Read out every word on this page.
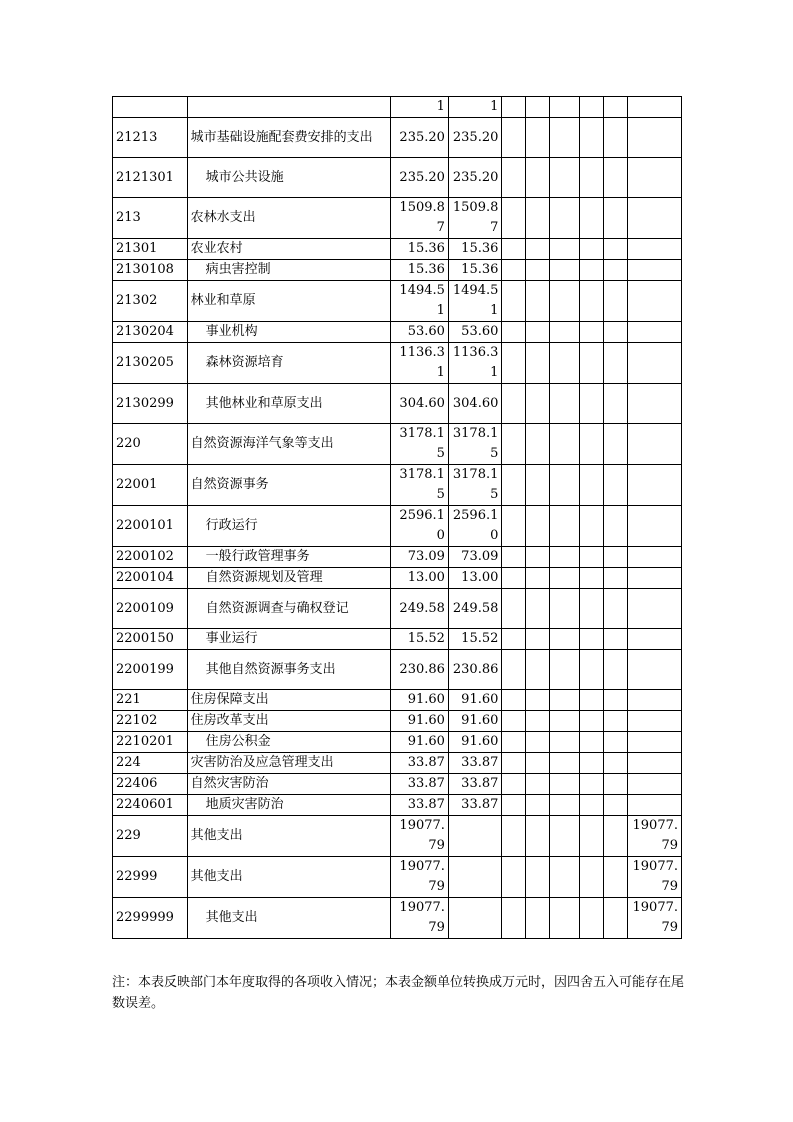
		1	1						
21213	城市基础设施配套费安排的支出	235.20	235.20						
2121301	城市公共设施	235.20	235.20						
213	农林水支出	1509.87	1509.87						
21301	农业农村	15.36	15.36						
2130108	病虫害控制	15.36	15.36						
21302	林业和草原	1494.51	1494.51						
2130204	事业机构	53.60	53.60						
2130205	森林资源培育	1136.31	1136.31						
2130299	其他林业和草原支出	304.60	304.60						
220	自然资源海洋气象等支出	3178.15	3178.15						
22001	自然资源事务	3178.15	3178.15						
2200101	行政运行	2596.10	2596.10						
2200102	一般行政管理事务	73.09	73.09						
2200104	自然资源规划及管理	13.00	13.00						
2200109	自然资源调查与确权登记	249.58	249.58						
2200150	事业运行	15.52	15.52						
2200199	其他自然资源事务支出	230.86	230.86						
221	住房保障支出	91.60	91.60						
22102	住房改革支出	91.60	91.60						
2210201	住房公积金	91.60	91.60						
224	灾害防治及应急管理支出	33.87	33.87						
22406	自然灾害防治	33.87	33.87						
2240601	地质灾害防治	33.87	33.87						
229	其他支出	19077.79							19077.79
22999	其他支出	19077.79							19077.79
2299999	其他支出	19077.79							19077.79
注：本表反映部门本年度取得的各项收入情况；本表金额单位转换成万元时，因四舍五入可能存在尾数误差。
